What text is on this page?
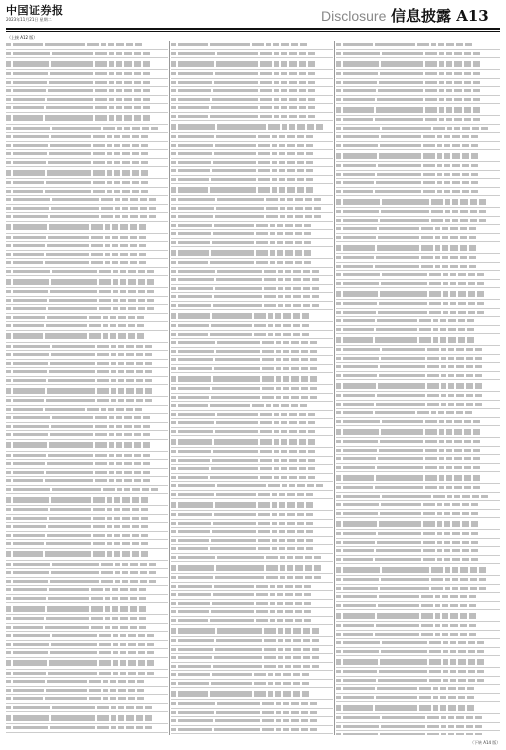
中国证券报
2023年11月21日 星期二	Disclosure 信息披露 A13
（上接 A12 版）
（下转 A14 版）
